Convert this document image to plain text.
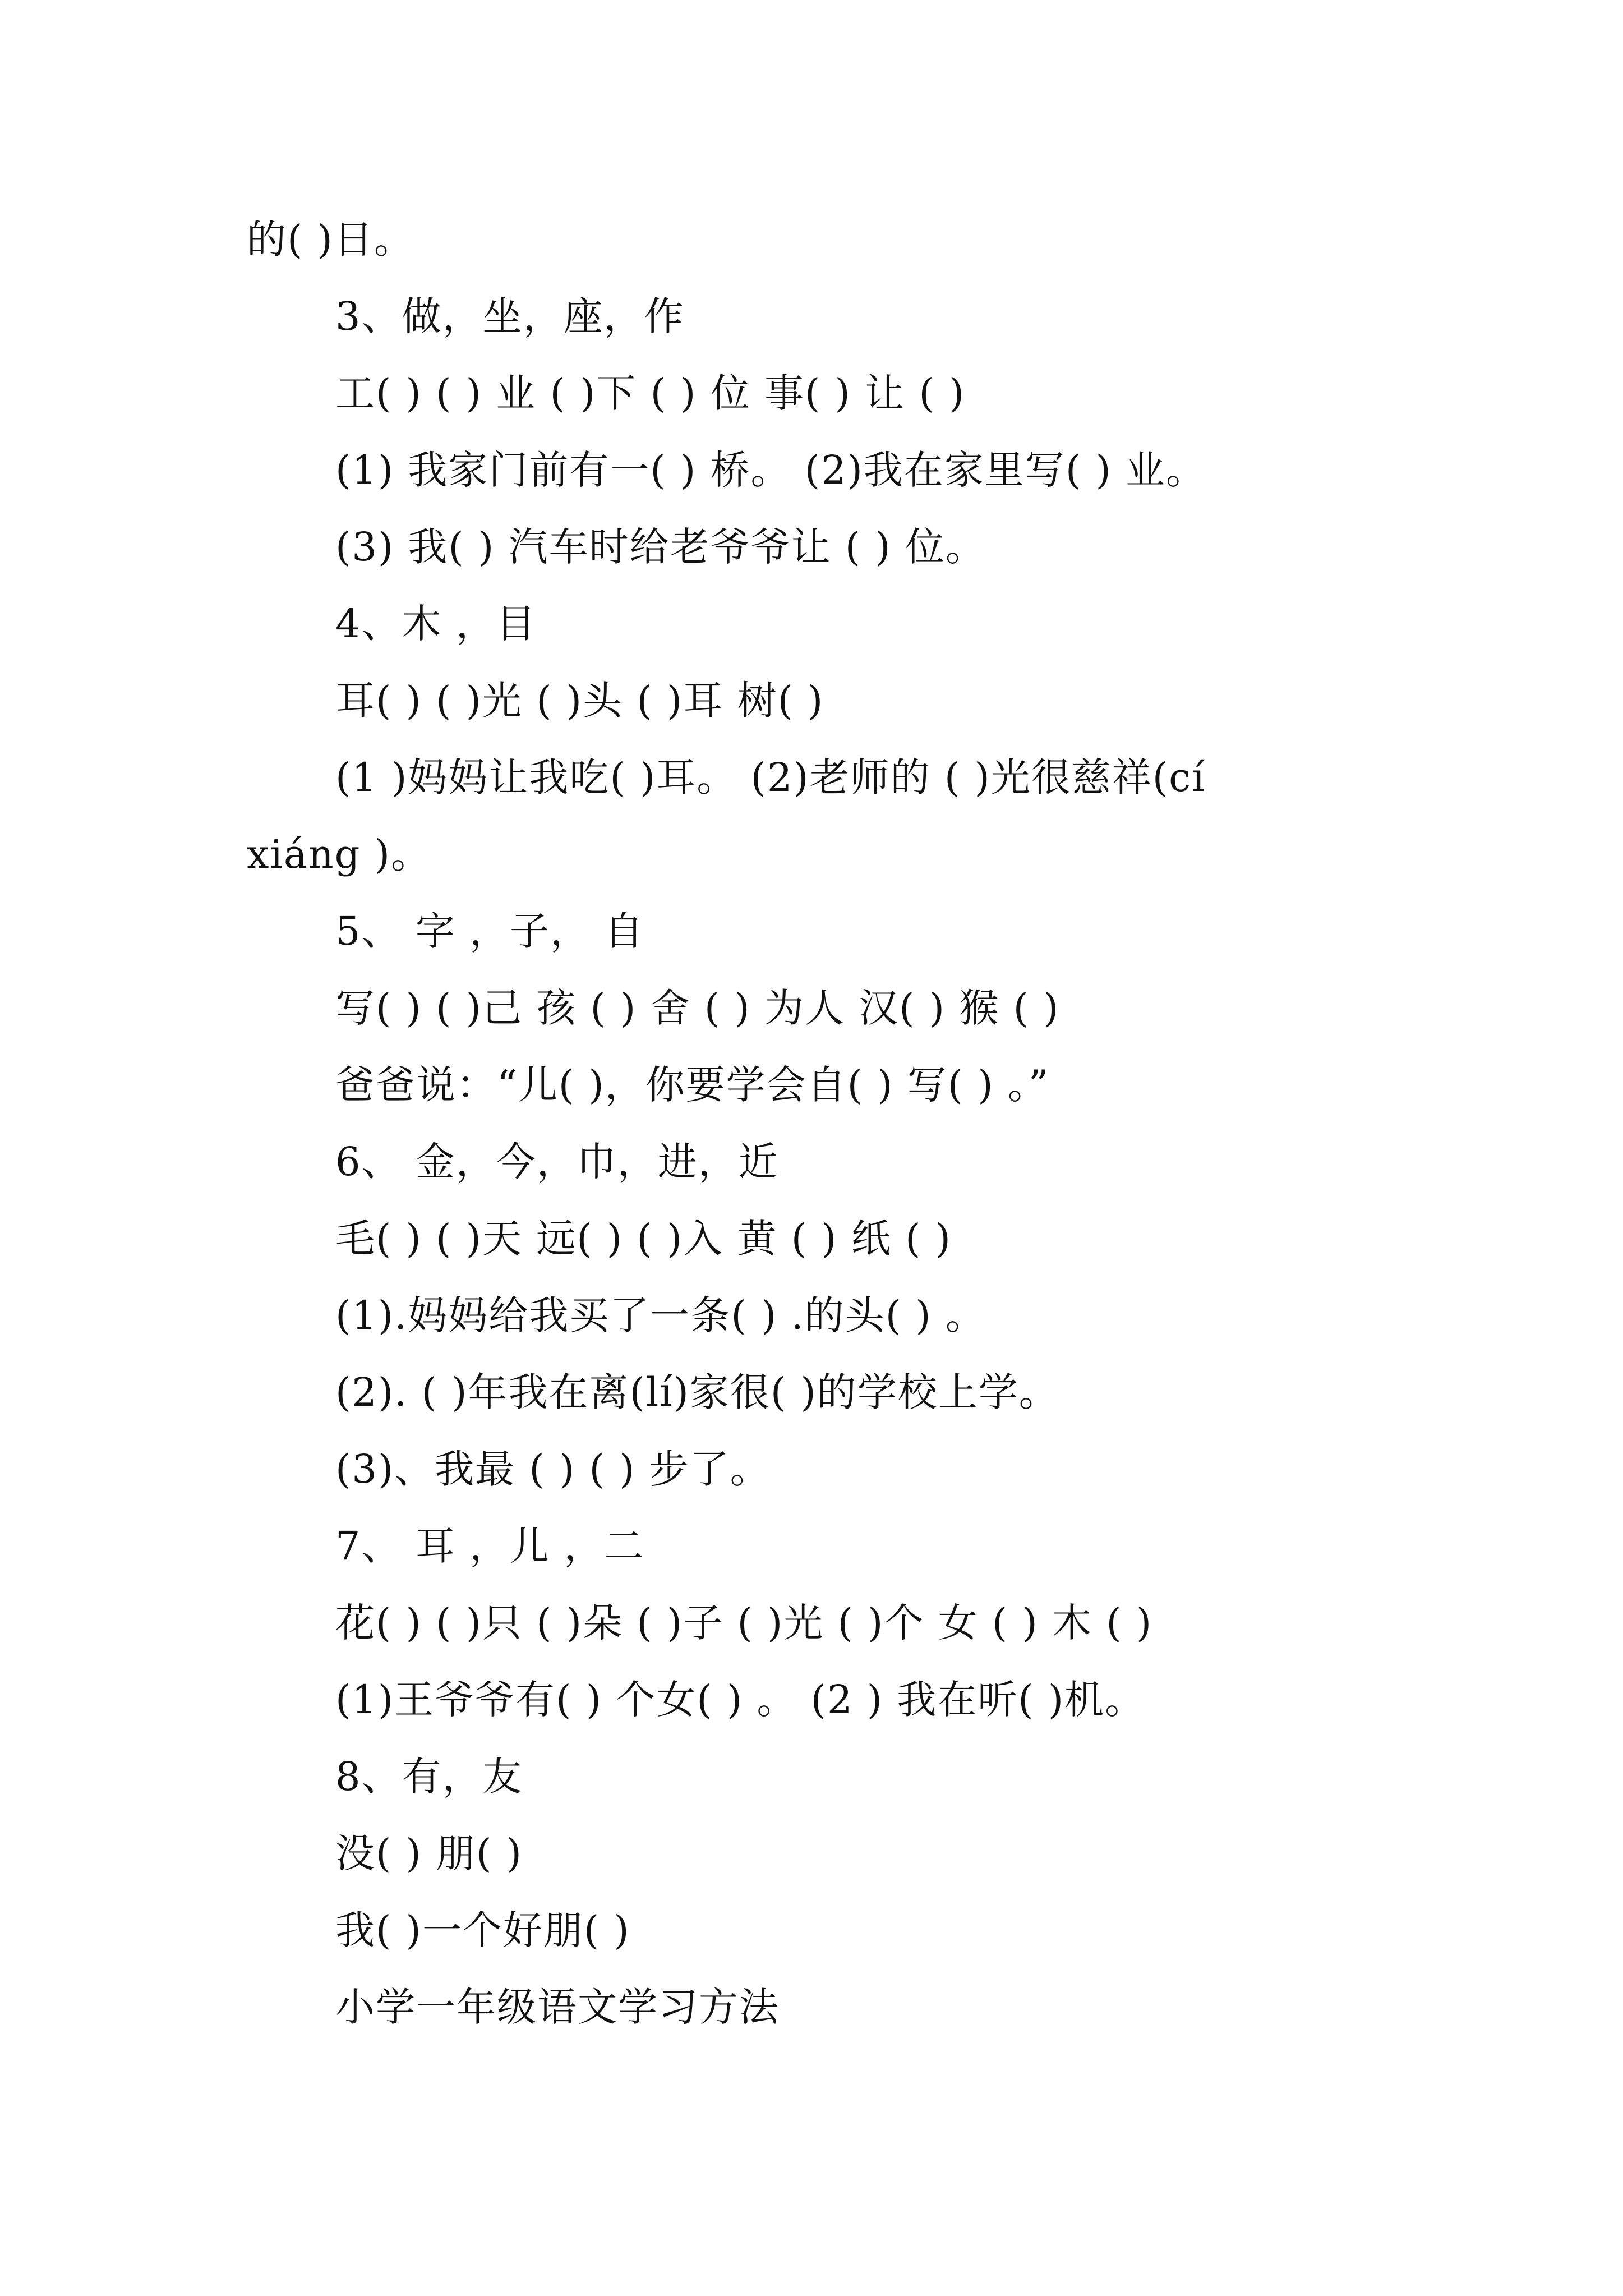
的( )日。
3、做，坐，座，作
工( ) ( ) 业 ( )下 ( ) 位 事( ) 让 ( )
(1) 我家门前有一( ) 桥。 (2)我在家里写( ) 业。
(3) 我( ) 汽车时给老爷爷让 ( ) 位。
4、木 ，目
耳( ) ( )光 ( )头 ( )耳 树( )
(1 )妈妈让我吃( )耳。 (2)老师的 ( )光很慈祥(cí
xiáng )。
5、 字 ，子， 自
写( ) ( )己 孩 ( ) 舍 ( ) 为人 汉( ) 猴 ( )
爸爸说：“儿( )，你要学会自( ) 写( ) 。”
6、 金，今，巾，进，近
毛( ) ( )天 远( ) ( )入 黄 ( ) 纸 ( )
(1).妈妈给我买了一条( ) .的头( ) 。
(2). ( )年我在离(lí)家很( )的学校上学。
(3)、我最 ( ) ( ) 步了。
7、 耳 ，儿 ，二
花( ) ( )只 ( )朵 ( )子 ( )光 ( )个 女 ( ) 木 ( )
(1)王爷爷有( ) 个女( ) 。 (2 ) 我在听( )机。
8、有，友
没( ) 朋( )
我( )一个好朋( )
小学一年级语文学习方法
